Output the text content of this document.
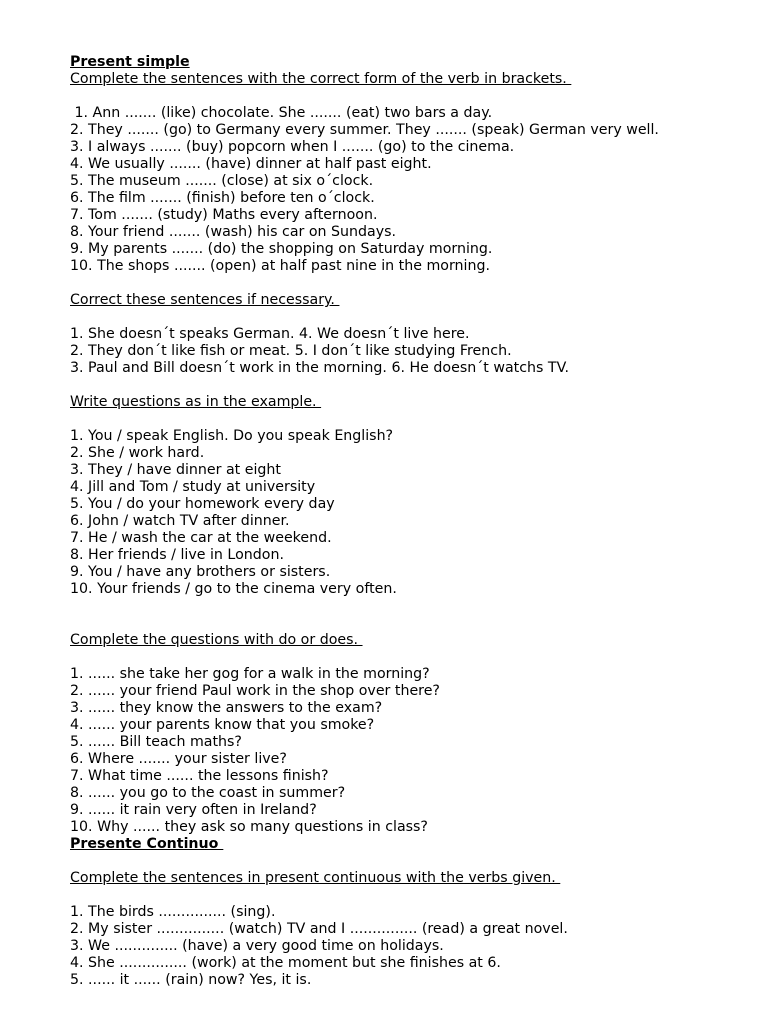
Present simple
Complete the sentences with the correct form of the verb in brackets.
1. Ann ....... (like) chocolate. She ....... (eat) two bars a day.
2. They ....... (go) to Germany every summer. They ....... (speak) German very well.
3. I always ....... (buy) popcorn when I ....... (go) to the cinema.
4. We usually ....... (have) dinner at half past eight.
5. The museum ....... (close) at six o´clock.
6. The film ....... (finish) before ten o´clock.
7. Tom ....... (study) Maths every afternoon.
8. Your friend ....... (wash) his car on Sundays.
9. My parents ....... (do) the shopping on Saturday morning.
10. The shops ....... (open) at half past nine in the morning.
Correct these sentences if necessary.
1. She doesn´t speaks German. 4. We doesn´t live here.
2. They don´t like fish or meat. 5. I don´t like studying French.
3. Paul and Bill doesn´t work in the morning. 6. He doesn´t watchs TV.
Write questions as in the example.
1. You / speak English. Do you speak English?
2. She / work hard.
3. They / have dinner at eight
4. Jill and Tom / study at university
5. You / do your homework every day
6. John / watch TV after dinner.
7. He / wash the car at the weekend.
8. Her friends / live in London.
9. You / have any brothers or sisters.
10. Your friends / go to the cinema very often.
Complete the questions with do or does.
1. ...... she take her gog for a walk in the morning?
2. ...... your friend Paul work in the shop over there?
3. ...... they know the answers to the exam?
4. ...... your parents know that you smoke?
5. ...... Bill teach maths?
6. Where ....... your sister live?
7. What time ...... the lessons finish?
8. ...... you go to the coast in summer?
9. ...... it rain very often in Ireland?
10. Why ...... they ask so many questions in class?
Presente Continuo
Complete the sentences in present continuous with the verbs given.
1. The birds ............... (sing).
2. My sister ............... (watch) TV and I ............... (read) a great novel.
3. We .............. (have) a very good time on holidays.
4. She ............... (work) at the moment but she finishes at 6.
5. ...... it ...... (rain) now? Yes, it is.
